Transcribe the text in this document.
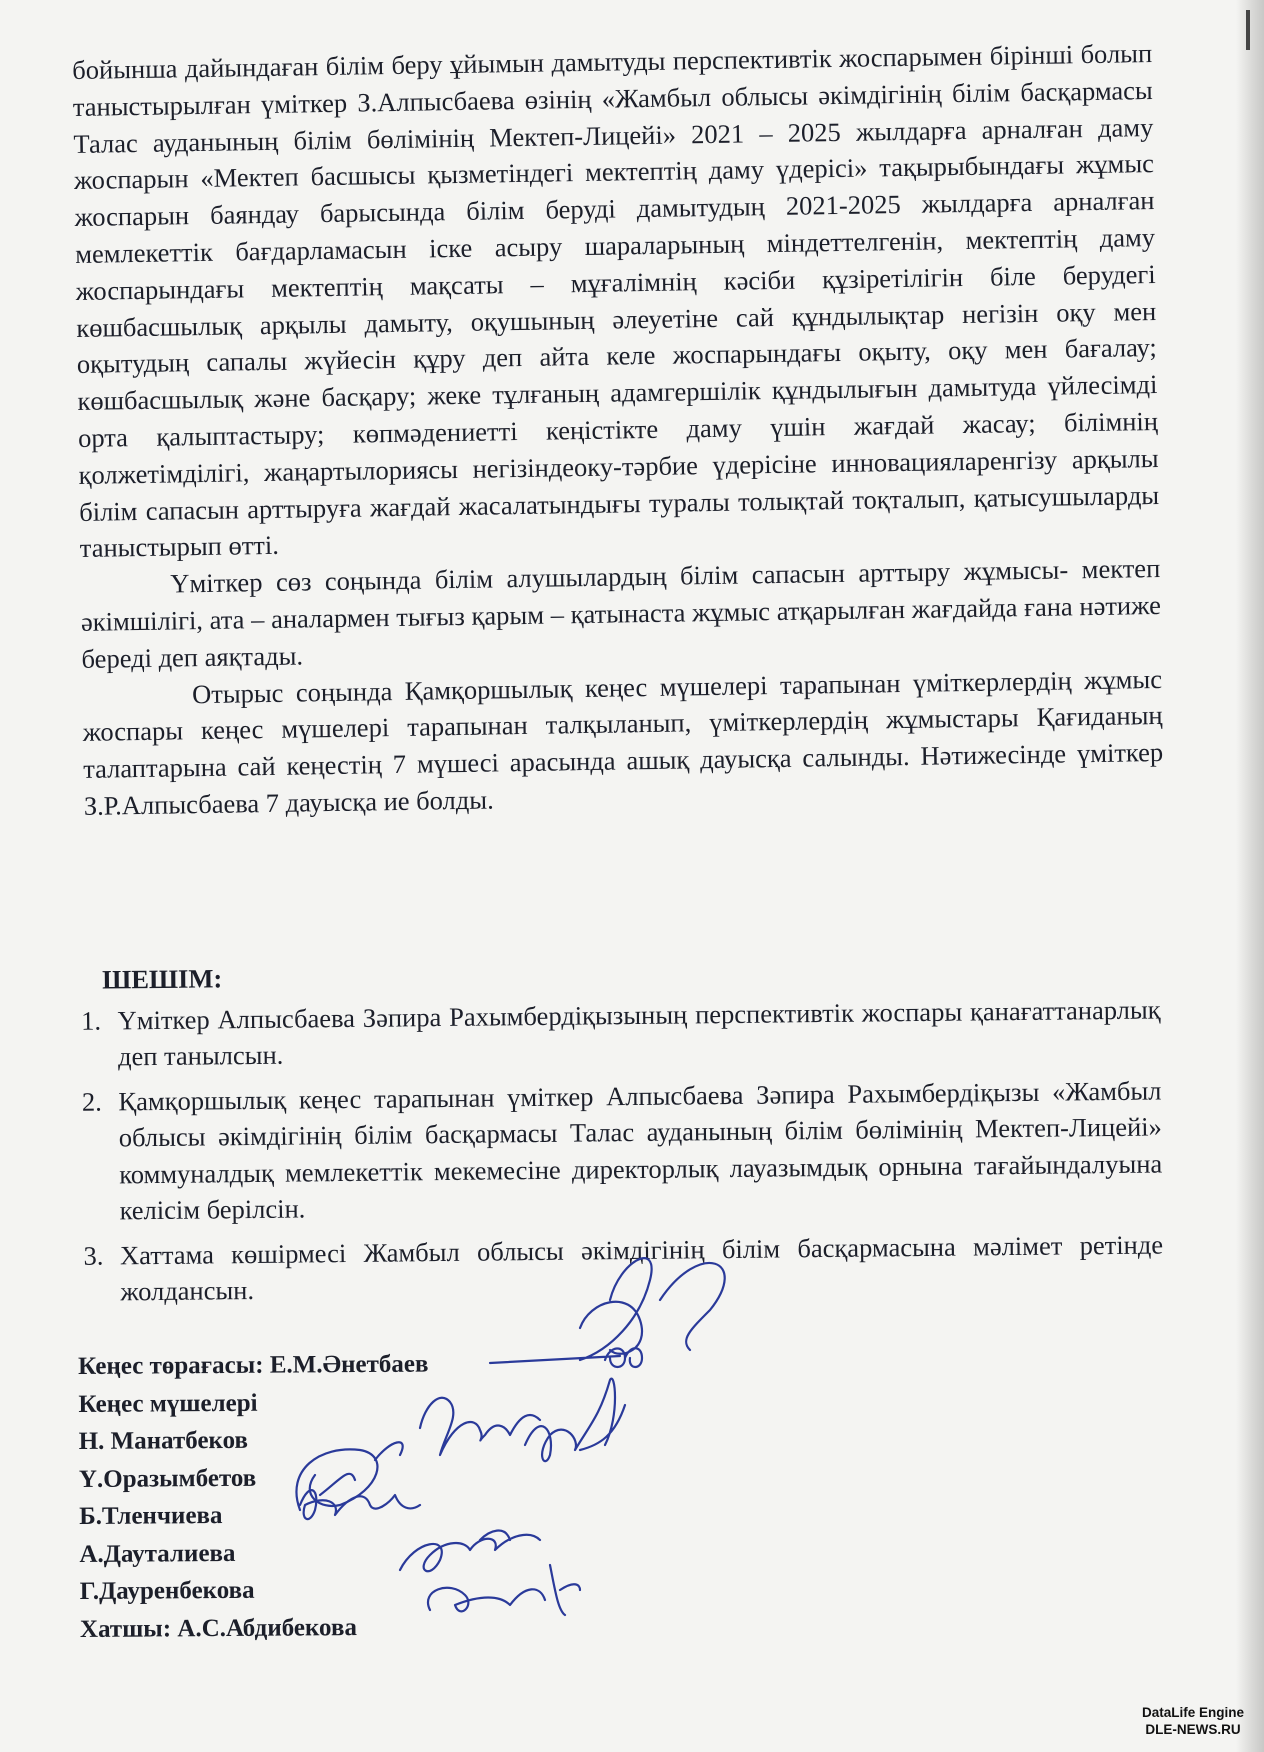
бойынша дайындаған білім беру ұйымын дамытуды перспективтік жоспарымен бірінші болып таныстырылған үміткер З.Алпысбаева өзінің «Жамбыл облысы әкімдігінің білім басқармасы Талас ауданының білім бөлімінің Мектеп-Лицейі» 2021 – 2025 жылдарға арналған даму жоспарын «Мектеп басшысы қызметіндегі мектептің даму үдерісі» тақырыбындағы жұмыс жоспарын баяндау барысында білім беруді дамытудың 2021-2025 жылдарға арналған мемлекеттік бағдарламасын іске асыру шараларының міндеттелгенін, мектептің даму жоспарындағы мектептің мақсаты – мұғалімнің кәсіби құзіретілігін біле берудегі көшбасшылық арқылы дамыту, оқушының әлеуетіне сай құндылықтар негізін оқу мен оқытудың сапалы жүйесін құру деп айта келе жоспарындағы оқыту, оқу мен бағалау; көшбасшылық және басқару; жеке тұлғаның адамгершілік құндылығын дамытуда үйлесімді орта қалыптастыру; көпмәдениетті кеңістікте даму үшін жағдай жасау; білімнің қолжетімділігі, жаңартылориясы негізіндеоку-тәрбие үдерісіне инновацияларенгізу арқылы білім сапасын арттыруға жағдай жасалатындығы туралы толықтай тоқталып, қатысушыларды таныстырып өтті.

Үміткер сөз соңында білім алушылардың білім сапасын арттыру жұмысы- мектеп әкімшілігі, ата – аналармен тығыз қарым – қатынаста жұмыс атқарылған жағдайда ғана нәтиже береді деп аяқтады.

Отырыс соңында Қамқоршылық кеңес мүшелері тарапынан үміткерлердің жұмыс жоспары кеңес мүшелері тарапынан талқыланып, үміткерлердің жұмыстары Қағиданың талаптарына сай кеңестің 7 мүшесі арасында ашық дауысқа салынды. Нәтижесінде үміткер З.Р.Алпысбаева 7 дауысқа ие болды.

ШЕШІМ:
1. Үміткер Алпысбаева Зәпира Рахымбердіқызының перспективтік жоспары қанағаттанарлық деп танылсын.
2. Қамқоршылық кеңес тарапынан үміткер Алпысбаева Зәпира Рахымбердіқызы «Жамбыл облысы әкімдігінің білім басқармасы Талас ауданының білім бөлімінің Мектеп-Лицейі» коммуналдық мемлекеттік мекемесіне директорлық лауазымдық орнына тағайындалуына келісім берілсін.
3. Хаттама көшірмесі Жамбыл облысы әкімдігінің білім басқармасына мәлімет ретінде жолдансын.
Кеңес төрағасы: Е.М.Әнетбаев
Кеңес мүшелері
Н. Манатбеков
Ү.Оразымбетов
Б.Тленчиева
А.Дауталиева
Г.Дауренбекова
Хатшы: А.С.Абдибекова
DataLife Engine
DLE-NEWS.RU
